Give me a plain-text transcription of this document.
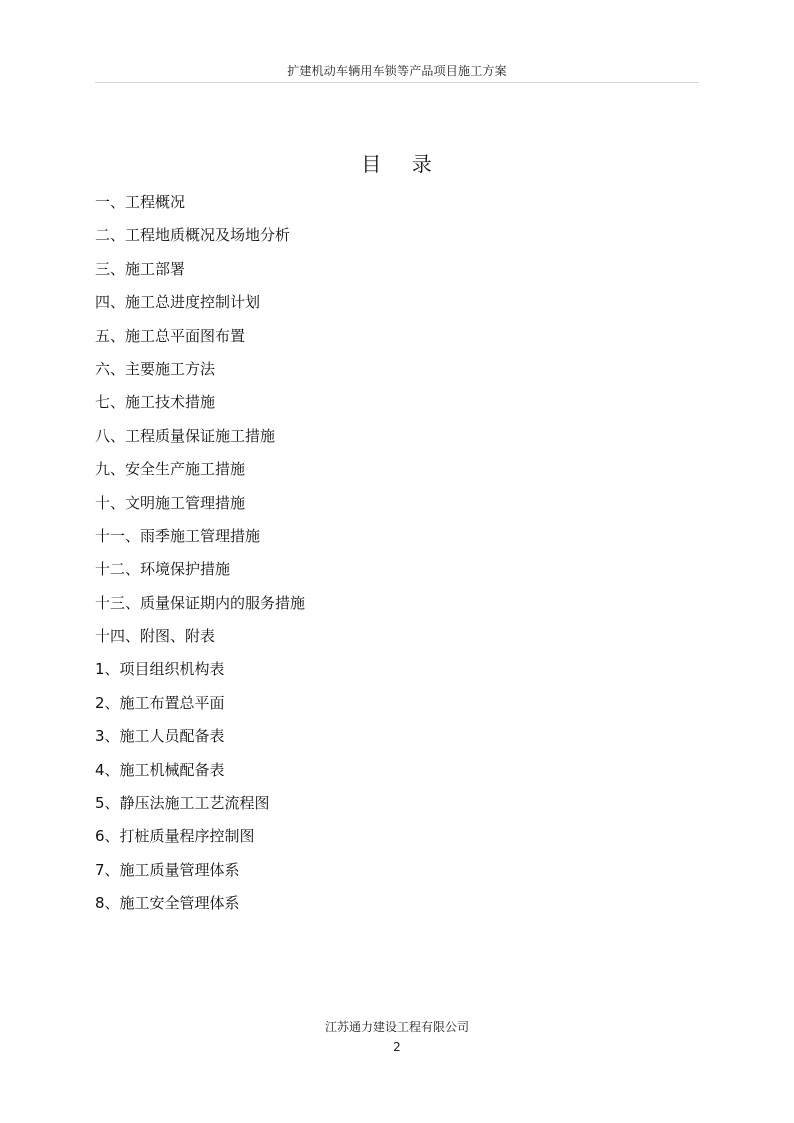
扩建机动车辆用车锁等产品项目施工方案
目    录
一、工程概况
二、工程地质概况及场地分析
三、施工部署
四、施工总进度控制计划
五、施工总平面图布置
六、主要施工方法
七、施工技术措施
八、工程质量保证施工措施
九、安全生产施工措施
十、文明施工管理措施
十一、雨季施工管理措施
十二、环境保护措施
十三、质量保证期内的服务措施
十四、附图、附表
1、项目组织机构表
2、施工布置总平面
3、施工人员配备表
4、施工机械配备表
5、静压法施工工艺流程图
6、打桩质量程序控制图
7、施工质量管理体系
8、施工安全管理体系
江苏通力建设工程有限公司
2
